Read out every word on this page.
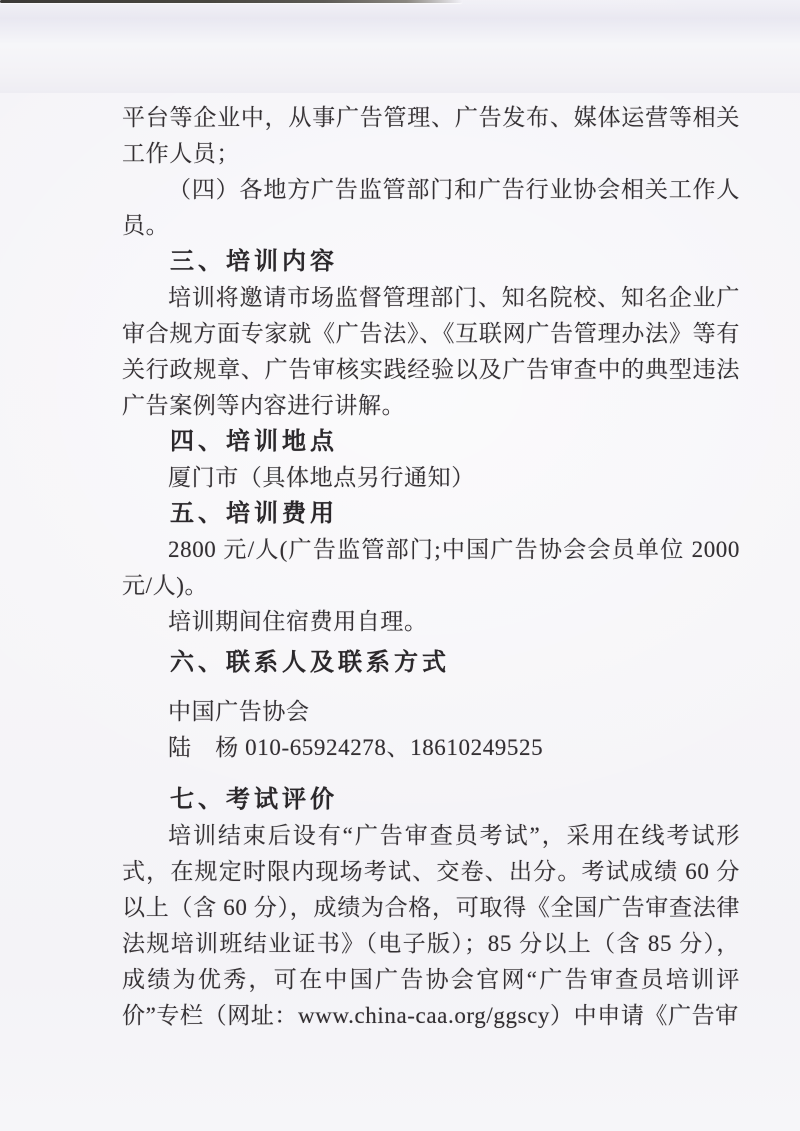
平台等企业中，从事广告管理、广告发布、媒体运营等相关工作人员；

（四）各地方广告监管部门和广告行业协会相关工作人员。

三、培训内容

培训将邀请市场监督管理部门、知名院校、知名企业广审合规方面专家就《广告法》、《互联网广告管理办法》等有关行政规章、广告审核实践经验以及广告审查中的典型违法广告案例等内容进行讲解。

四、培训地点

厦门市（具体地点另行通知）

五、培训费用

2800 元/人(广告监管部门;中国广告协会会员单位 2000 元/人)。

培训期间住宿费用自理。

六、联系人及联系方式

中国广告协会

陆　杨 010-65924278、18610249525

七、考试评价

培训结束后设有“广告审查员考试”，采用在线考试形式，在规定时限内现场考试、交卷、出分。考试成绩 60 分以上（含 60 分），成绩为合格，可取得《全国广告审查法律法规培训班结业证书》（电子版）；85 分以上（含 85 分），成绩为优秀，可在中国广告协会官网“广告审查员培训评价”专栏（网址：www.china-caa.org/ggscy）中申请《广告审
